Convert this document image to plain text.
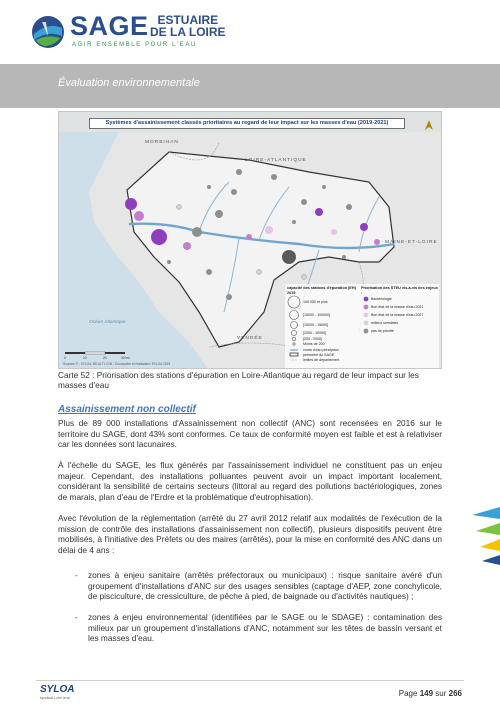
SAGE ESTUAIRE
DE LA LOIRE
AGIR ENSEMBLE POUR L'EAU
Évaluation environnementale
Systèmes d'assainissement classés prioritaires au regard de leur impact sur les masses d'eau (2019-2021)
MORBIHAN
LOIRE-ATLANTIQUE
MAINE-ET-LOIRE
VENDÉE
Océan Atlantique
capacité des stations d'épuration (EH) 2019
100 000 et plus
[15000 - 100000[
[10000 - 15000[
[2000 - 10000[
[200 - 2000[
Moins de 200
cours d'eau principaux
périmètre du SAGE
limites de département
Priorisation des STEU vis-à-vis des enjeux :
Bactériologie
Bon état de la masse d'eau 2021
Bon état de la masse d'eau 2027
milieux sensibles
pas de priorité
0	10	20	30 km
Sources © : SYLOA, BD ALTI, IGN - Conception et réalisation: SYLOA 2023
Carte 52 : Priorisation des stations d'épuration en Loire-Atlantique au regard de leur impact sur les masses d'eau
Assainissement non collectif
Plus de 89 000 installations d'Assainissement non collectif (ANC) sont recensées en 2016 sur le territoire du SAGE, dont 43% sont conformes. Ce taux de conformité moyen est faible et est à relativiser car les données sont lacunaires.
À l'échelle du SAGE, les flux générés par l'assainissement individuel ne constituent pas un enjeu majeur. Cependant, des installations polluantes peuvent avoir un impact important localement, considérant la sensibilité de certains secteurs (littoral au regard des pollutions bactériologiques, zones de marais, plan d'eau de l'Erdre et la problématique d'eutrophisation).
Avec l'évolution de la règlementation (arrêté du 27 avril 2012 relatif aux modalités de l'exécution de la mission de contrôle des installations d'assainissement non collectif), plusieurs dispositifs peuvent être mobilisés, à l'initiative des Préfets ou des maires (arrêtés), pour la mise en conformité des ANC dans un délai de 4 ans :
- zones à enjeu sanitaire (arrêtés préfectoraux ou municipaux) : risque sanitaire avéré d'un groupement d'installations d'ANC sur des usages sensibles (captage d'AEP, zone conchylicole, de pisciculture, de cressiculture, de pêche à pied, de baignade ou d'activités nautiques) ;
- zones à enjeu environnemental (identifiées par le SAGE ou le SDAGE) : contamination des milieux par un groupement d'installations d'ANC, notamment sur les têtes de bassin versant et les masses d'eau.
SYLOA
syndicat Loire aval	Page 149 sur 266
